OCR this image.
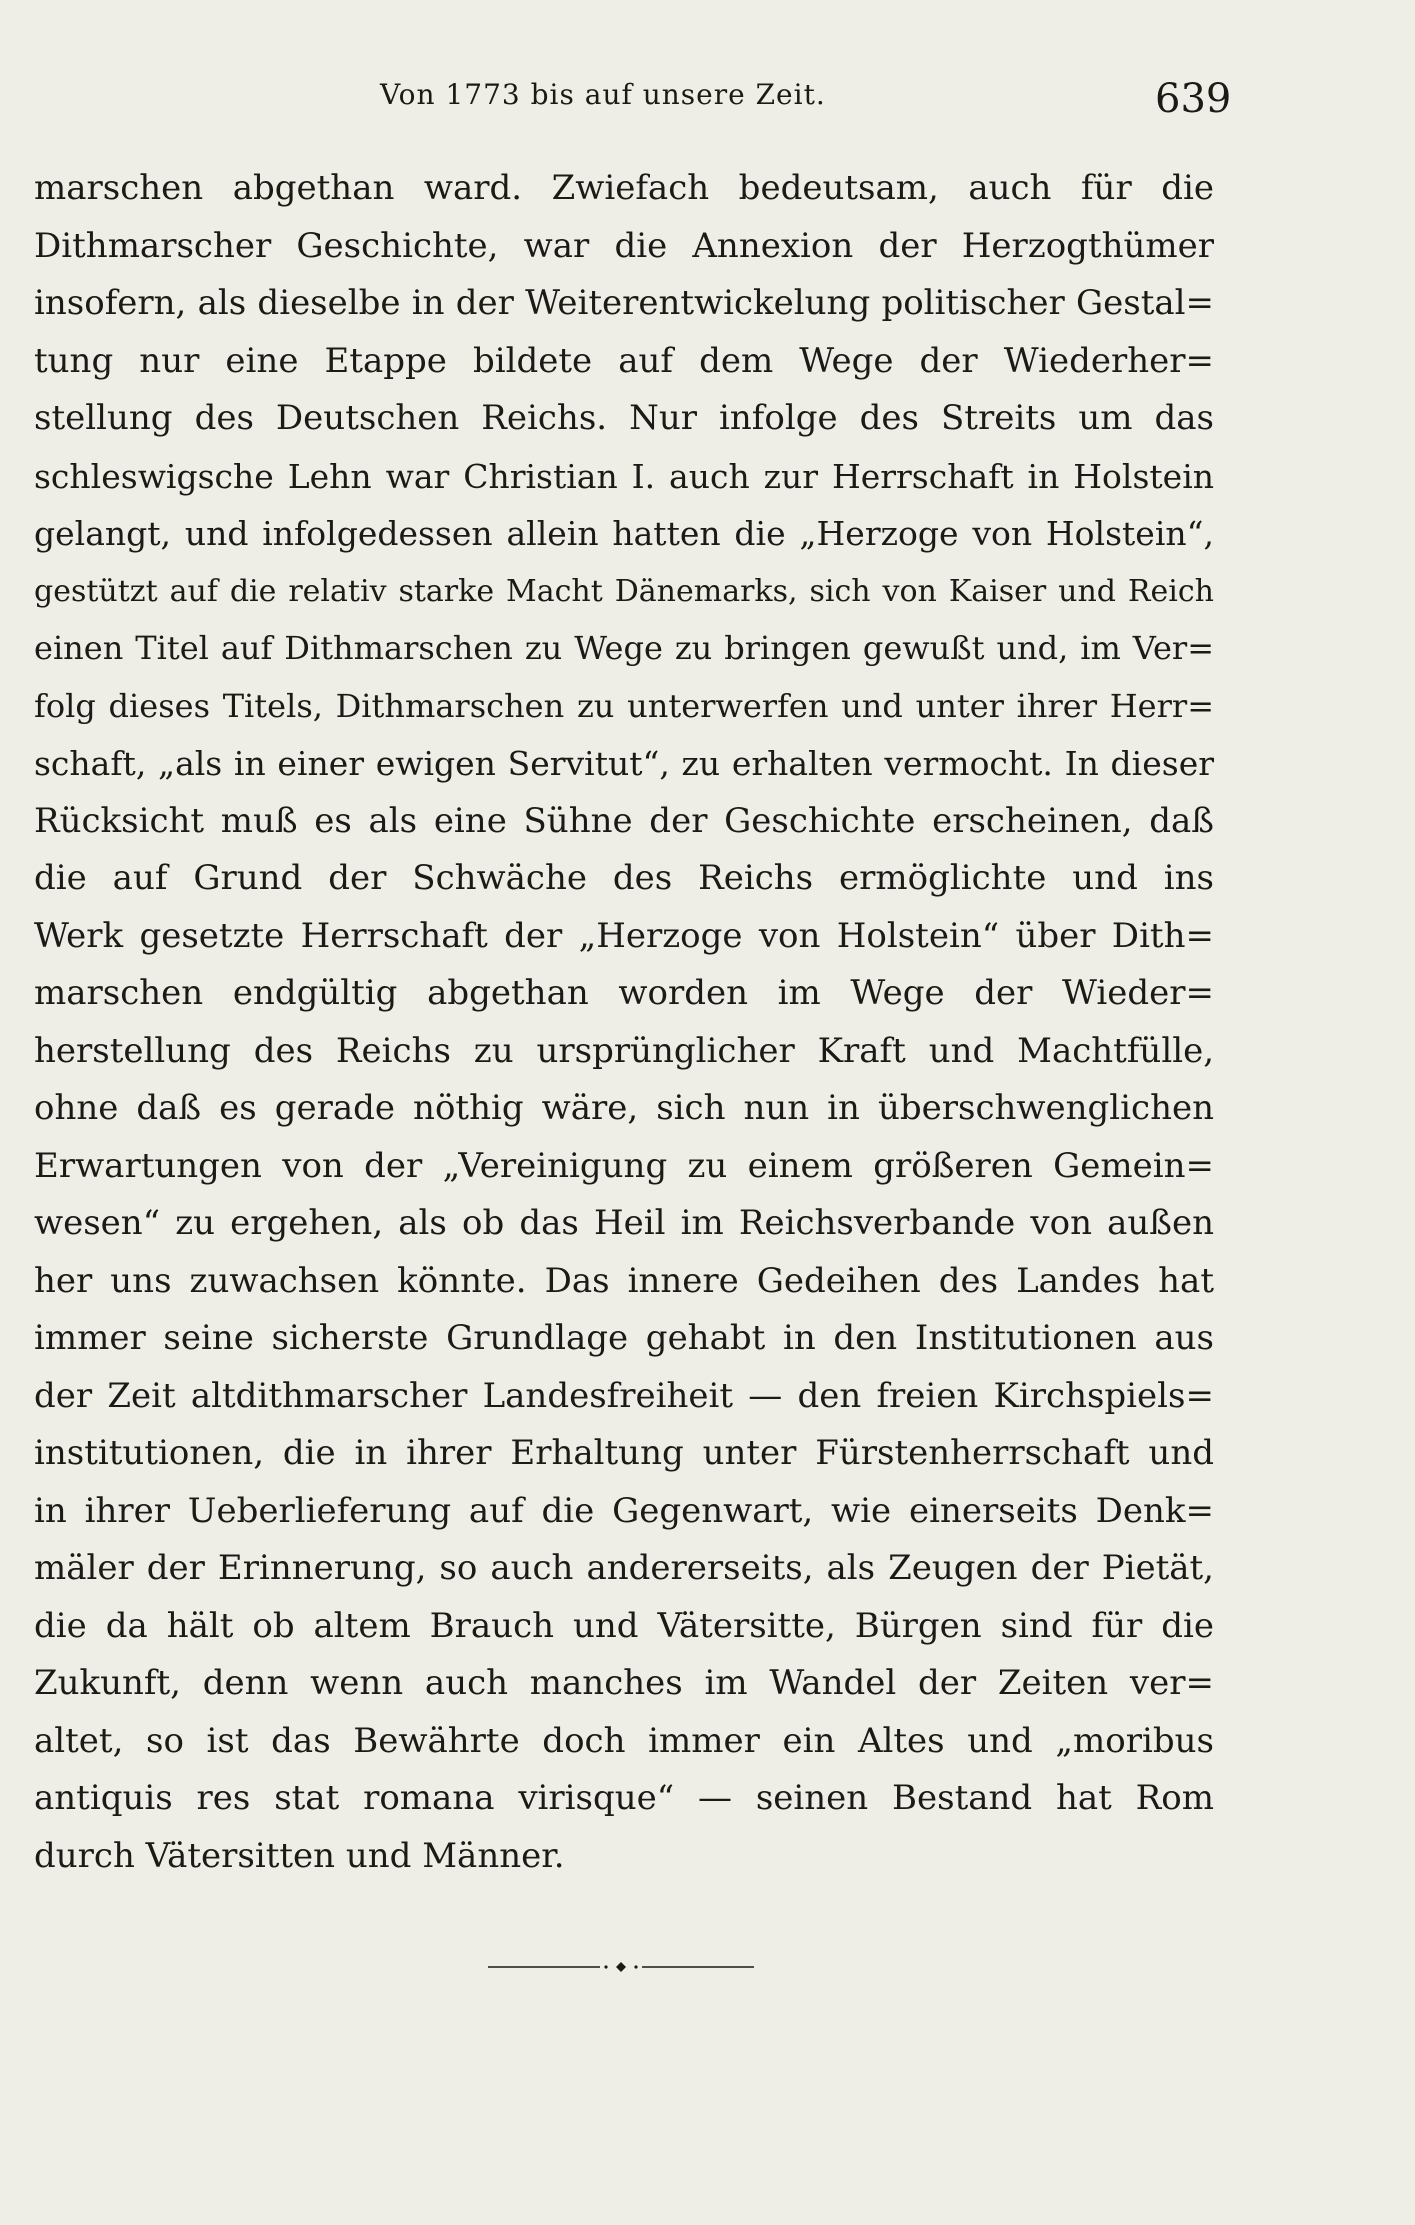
Von 1773 bis auf unsere Zeit.	639
marschen abgethan ward. Zwiefach bedeutsam, auch für die
Dithmarscher Geschichte, war die Annexion der Herzogthümer
insofern, als dieselbe in der Weiterentwickelung politischer Gestal=
tung nur eine Etappe bildete auf dem Wege der Wiederher=
stellung des Deutschen Reichs. Nur infolge des Streits um das
schleswigsche Lehn war Christian I. auch zur Herrschaft in Holstein
gelangt, und infolgedessen allein hatten die „Herzoge von Holstein“,
gestützt auf die relativ starke Macht Dänemarks, sich von Kaiser und Reich
einen Titel auf Dithmarschen zu Wege zu bringen gewußt und, im Ver=
folg dieses Titels, Dithmarschen zu unterwerfen und unter ihrer Herr=
schaft, „als in einer ewigen Servitut“, zu erhalten vermocht. In dieser
Rücksicht muß es als eine Sühne der Geschichte erscheinen, daß
die auf Grund der Schwäche des Reichs ermöglichte und ins
Werk gesetzte Herrschaft der „Herzoge von Holstein“ über Dith=
marschen endgültig abgethan worden im Wege der Wieder=
herstellung des Reichs zu ursprünglicher Kraft und Machtfülle,
ohne daß es gerade nöthig wäre, sich nun in überschwenglichen
Erwartungen von der „Vereinigung zu einem größeren Gemein=
wesen“ zu ergehen, als ob das Heil im Reichsverbande von außen
her uns zuwachsen könnte. Das innere Gedeihen des Landes hat
immer seine sicherste Grundlage gehabt in den Institutionen aus
der Zeit altdithmarscher Landesfreiheit — den freien Kirchspiels=
institutionen, die in ihrer Erhaltung unter Fürstenherrschaft und
in ihrer Ueberlieferung auf die Gegenwart, wie einerseits Denk=
mäler der Erinnerung, so auch andererseits, als Zeugen der Pietät,
die da hält ob altem Brauch und Vätersitte, Bürgen sind für die
Zukunft, denn wenn auch manches im Wandel der Zeiten ver=
altet, so ist das Bewährte doch immer ein Altes und „moribus
antiquis res stat romana virisque“ — seinen Bestand hat Rom
durch Vätersitten und Männer.
